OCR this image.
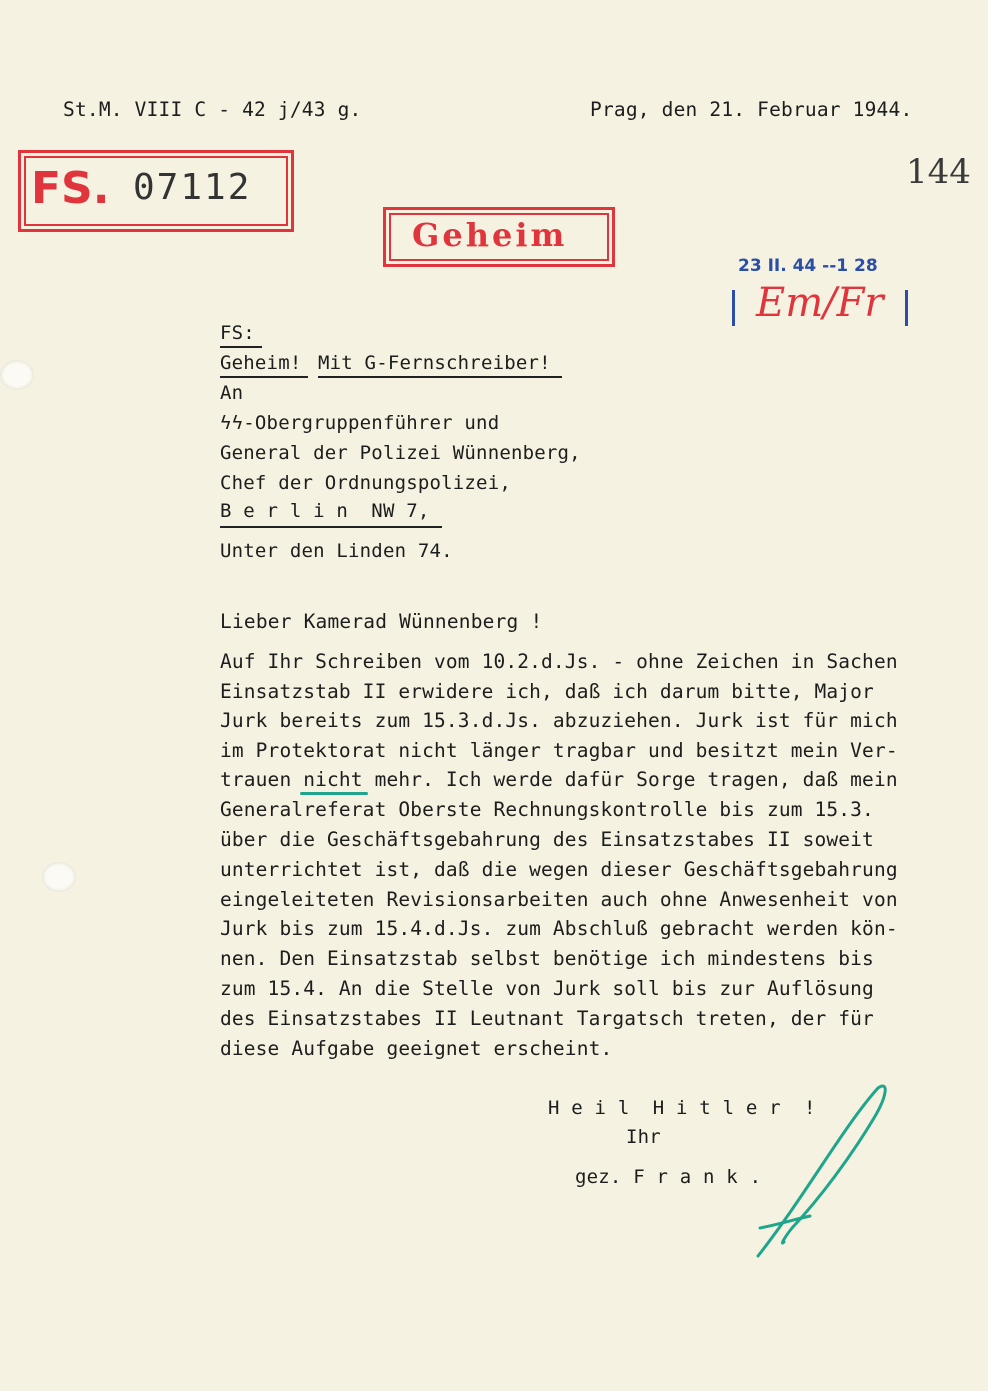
St.M. VIII C - 42 j/43 g.	Prag, den 21. Februar 1944.
144
FS. 07112
Geheim
23 II. 44 --1 28
Em/Fr
FS:
Geheim! Mit G-Fernschreiber!
An
ϟϟ-Obergruppenführer und
General der Polizei Wünnenberg,
Chef der Ordnungspolizei,
B e r l i n  NW 7,
Unter den Linden 74.
Lieber Kamerad Wünnenberg !
Auf Ihr Schreiben vom 10.2.d.Js. - ohne Zeichen in Sachen
Einsatzstab II erwidere ich, daß ich darum bitte, Major
Jurk bereits zum 15.3.d.Js. abzuziehen. Jurk ist für mich
im Protektorat nicht länger tragbar und besitzt mein Ver-
trauen nicht mehr. Ich werde dafür Sorge tragen, daß mein
Generalreferat Oberste Rechnungskontrolle bis zum 15.3.
über die Geschäftsgebahrung des Einsatzstabes II soweit
unterrichtet ist, daß die wegen dieser Geschäftsgebahrung
eingeleiteten Revisionsarbeiten auch ohne Anwesenheit von
Jurk bis zum 15.4.d.Js. zum Abschluß gebracht werden kön-
nen. Den Einsatzstab selbst benötige ich mindestens bis
zum 15.4. An die Stelle von Jurk soll bis zur Auflösung
des Einsatzstabes II Leutnant Targatsch treten, der für
diese Aufgabe geeignet erscheint.
H e i l  H i t l e r  !
Ihr
gez. F r a n k .
